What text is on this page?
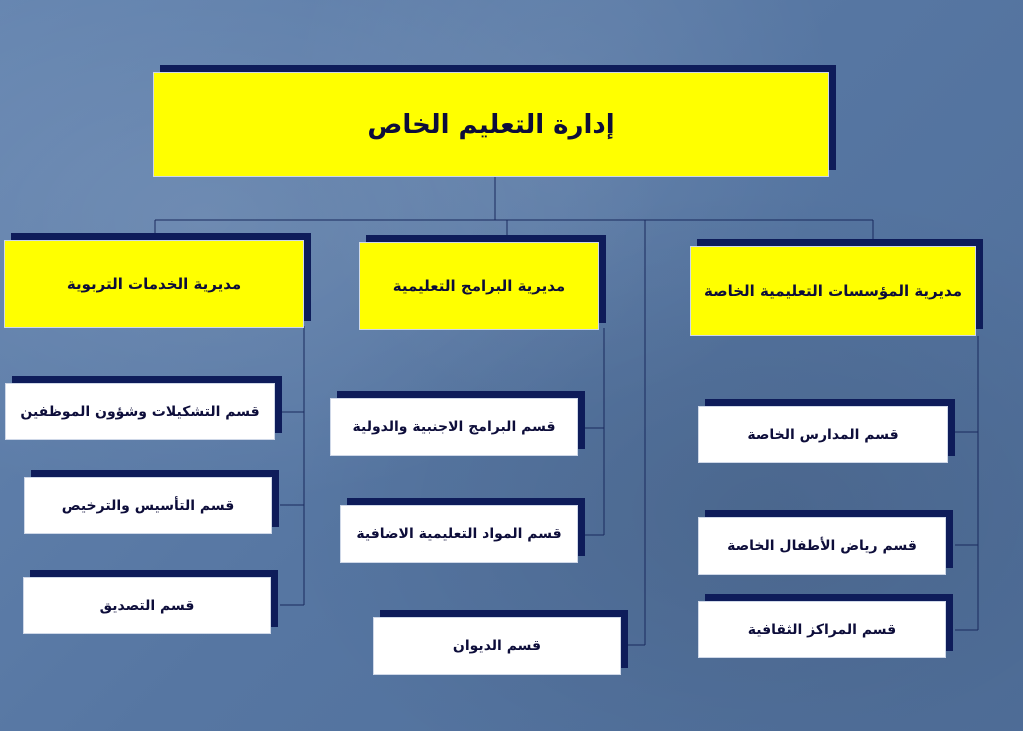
إدارة التعليم الخاص
مديرية الخدمات التربوية	مديرية البرامج التعليمية	مديرية المؤسسات التعليمية الخاصة
قسم التشكيلات وشؤون الموظفين
قسم التأسيس والترخيص
قسم التصديق
قسم البرامج الاجنبية والدولية
قسم المواد التعليمية الاضافية
قسم المدارس الخاصة
قسم رياض الأطفال الخاصة
قسم المراكز الثقافية
قسم الديوان
